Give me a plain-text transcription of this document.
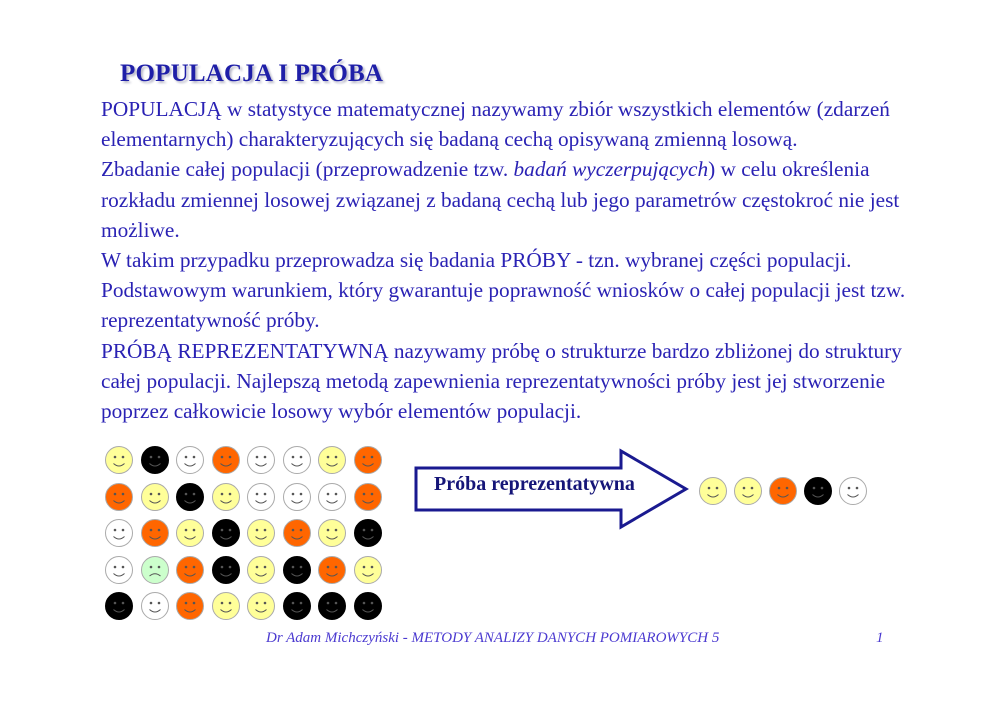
POPULACJA I PRÓBA

POPULACJĄ w statystyce matematycznej nazywamy zbiór wszystkich elementów (zdarzeń elementarnych) charakteryzujących się badaną cechą opisywaną zmienną losową.

Zbadanie całej populacji (przeprowadzenie tzw. badań wyczerpujących) w celu określenia rozkładu zmiennej losowej związanej z badaną cechą lub jego parametrów częstokroć nie jest możliwe.

W takim przypadku przeprowadza się badania PRÓBY - tzn. wybranej części populacji. Podstawowym warunkiem, który gwarantuje poprawność wniosków o całej populacji jest tzw. reprezentatywność próby.

PRÓBĄ REPREZENTATYWNĄ nazywamy próbę o strukturze bardzo zbliżonej do struktury całej populacji. Najlepszą metodą zapewnienia reprezentatywności próby jest jej stworzenie poprzez całkowicie losowy wybór elementów populacji.

Próba reprezentatywna
Dr Adam Michczyński - METODY ANALIZY DANYCH POMIAROWYCH 5	1
